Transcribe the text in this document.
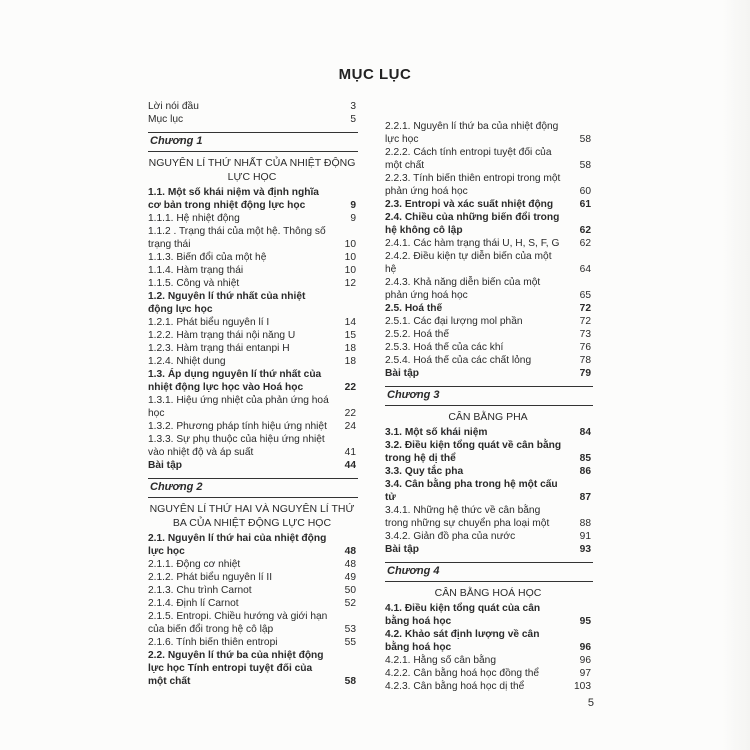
MỤC LỤC
Lời nói đầu	3
Mục lục	5
Chương 1
NGUYÊN LÍ THỨ NHẤT CỦA NHIỆT ĐỘNG LỰC HỌC
1.1. Một số khái niệm và định nghĩa cơ bản trong nhiệt động lực học	9
1.1.1. Hệ nhiệt động	9
1.1.2 . Trạng thái của một hệ. Thông số trạng thái	10
1.1.3. Biến đổi của một hệ	10
1.1.4. Hàm trạng thái	10
1.1.5. Công và nhiệt	12
1.2. Nguyên lí thứ nhất của nhiệt động lực học
1.2.1. Phát biểu nguyên lí I	14
1.2.2. Hàm trạng thái nội năng U	15
1.2.3. Hàm trạng thái entanpi H	18
1.2.4. Nhiệt dung	18
1.3. Áp dụng nguyên lí thứ nhất của nhiệt động lực học vào Hoá học	22
1.3.1. Hiệu ứng nhiệt của phản ứng hoá học	22
1.3.2. Phương pháp tính hiệu ứng nhiệt	24
1.3.3. Sự phụ thuộc của hiệu ứng nhiệt vào nhiệt độ và áp suất	41
Bài tập	44
Chương 2
NGUYÊN LÍ THỨ HAI VÀ NGUYÊN LÍ THỨ BA CỦA NHIỆT ĐỘNG LỰC HỌC
2.1. Nguyên lí thứ hai của nhiệt động lực học	48
2.1.1. Động cơ nhiệt	48
2.1.2. Phát biểu nguyên lí II	49
2.1.3. Chu trình Carnot	50
2.1.4. Định lí Carnot	52
2.1.5. Entropi. Chiều hướng và giới hạn của biến đổi trong hệ cô lập	53
2.1.6. Tính biến thiên entropi	55
2.2. Nguyên lí thứ ba của nhiệt động lực học Tính entropi tuyệt đối của một chất	58
2.2.1. Nguyên lí thứ ba của nhiệt động lực học	58
2.2.2. Cách tính entropi tuyệt đối của một chất	58
2.2.3. Tính biến thiên entropi trong một phản ứng hoá học	60
2.3. Entropi và xác suất nhiệt động	61
2.4. Chiều của những biến đổi trong hệ không cô lập	62
2.4.1. Các hàm trạng thái U, H, S, F, G	62
2.4.2. Điều kiện tự diễn biến của một hệ	64
2.4.3. Khả năng diễn biến của một phản ứng hoá học	65
2.5. Hoá thế	72
2.5.1. Các đại lượng mol phần	72
2.5.2. Hoá thế	73
2.5.3. Hoá thế của các khí	76
2.5.4. Hoá thế của các chất lỏng	78
Bài tập	79
Chương 3
CÂN BẰNG PHA
3.1. Một số khái niệm	84
3.2. Điều kiện tổng quát về cân bằng trong hệ dị thể	85
3.3. Quy tắc pha	86
3.4. Cân bằng pha trong hệ một cấu tử	87
3.4.1. Những hệ thức về cân bằng trong những sự chuyển pha loại một	88
3.4.2. Giản đồ pha của nước	91
Bài tập	93
Chương 4
CÂN BẰNG HOÁ HỌC
4.1. Điều kiện tổng quát của cân bằng hoá học	95
4.2. Khảo sát định lượng về cân bằng hoá học	96
4.2.1. Hằng số cân bằng	96
4.2.2. Cân bằng hoá học đồng thể	97
4.2.3. Cân bằng hoá học dị thể	103
5
